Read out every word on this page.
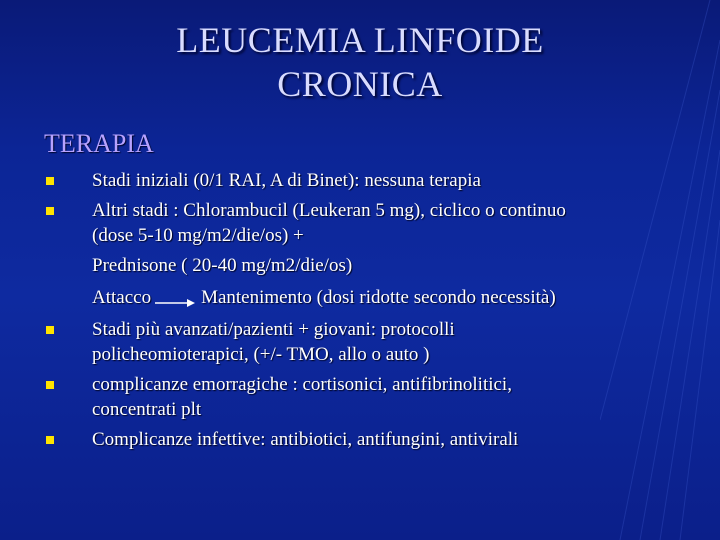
LEUCEMIA LINFOIDE
CRONICA
TERAPIA
Stadi iniziali (0/1 RAI, A di Binet): nessuna terapia
Altri stadi : Chlorambucil (Leukeran 5 mg), ciclico o continuo
(dose 5-10 mg/m2/die/os) +
Prednisone ( 20-40 mg/m2/die/os)
Attacco	Mantenimento (dosi ridotte secondo necessità)
Stadi più avanzati/pazienti + giovani: protocolli
policheomioterapici, (+/- TMO, allo o auto )
complicanze emorragiche : cortisonici, antifibrinolitici,
concentrati plt
Complicanze infettive: antibiotici, antifungini, antivirali
